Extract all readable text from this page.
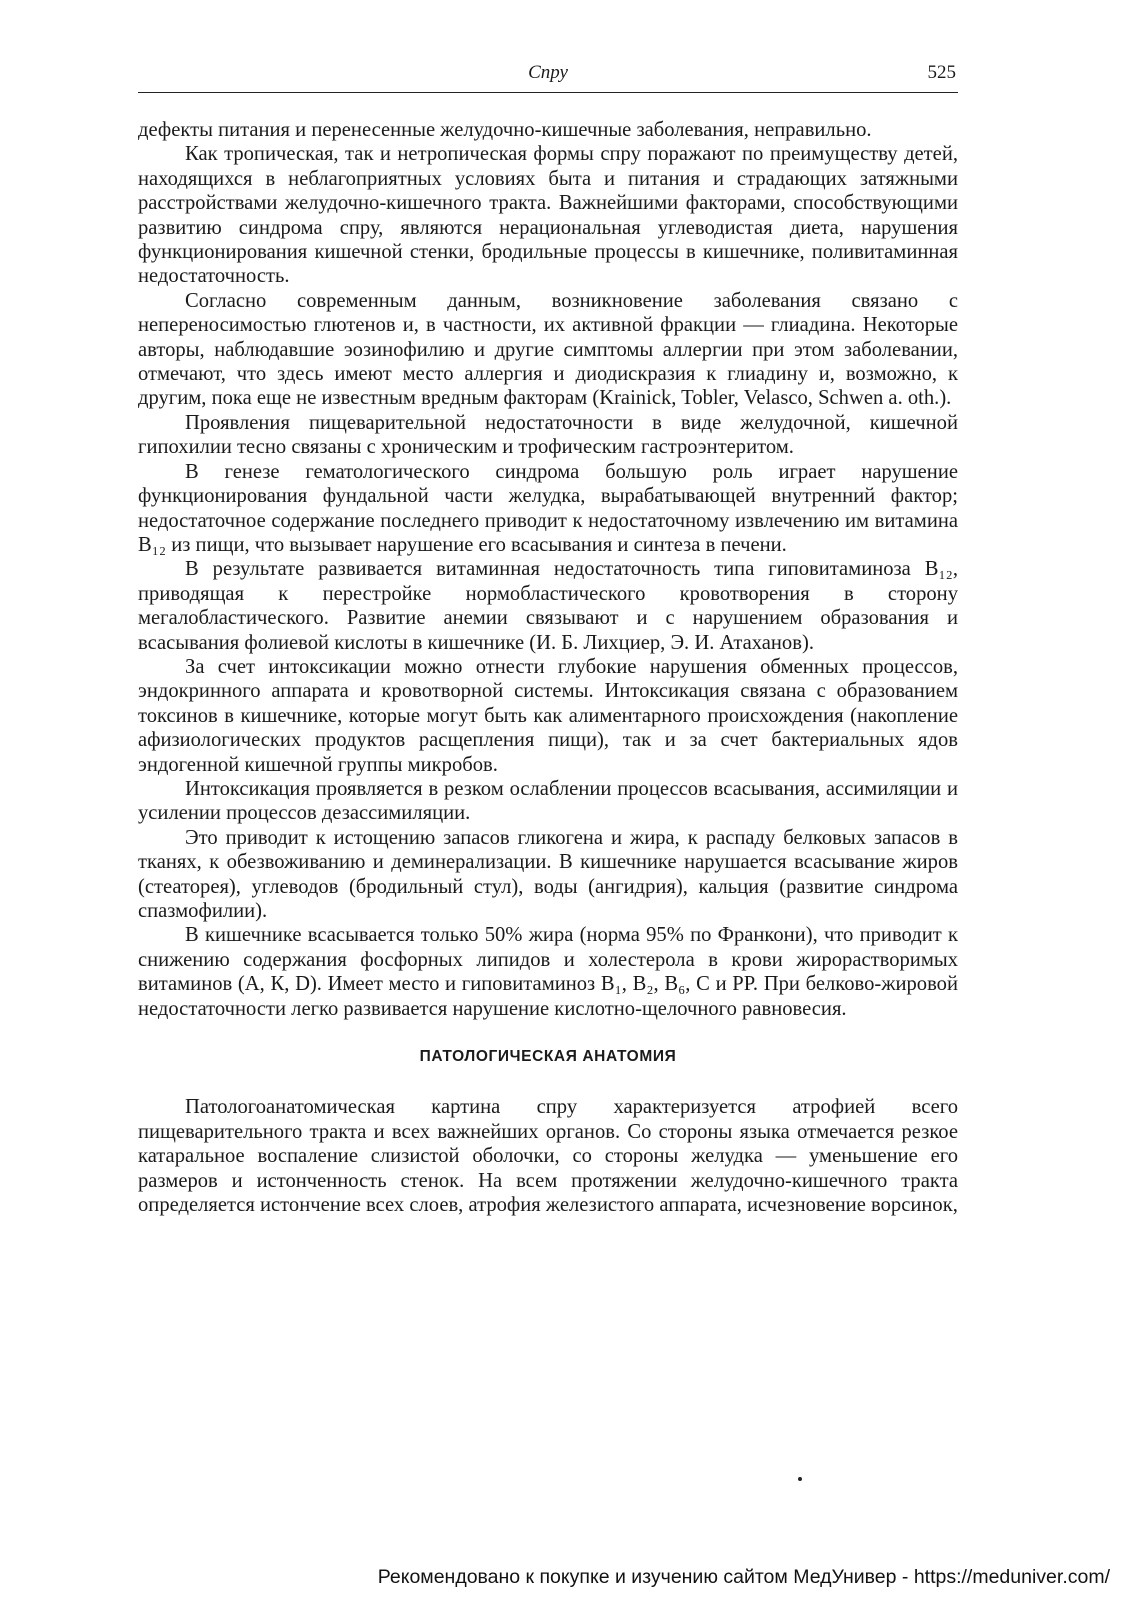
Спру	525

дефекты питания и перенесенные желудочно-кишечные заболевания, неправильно.

Как тропическая, так и нетропическая формы спру поражают по преимуществу детей, находящихся в неблагоприятных условиях быта и питания и страдающих затяжными расстройствами желудочно-кишечного тракта. Важнейшими факторами, способствующими развитию синдрома спру, являются нерациональная углеводистая диета, нарушения функционирования кишечной стенки, бродильные процессы в кишечнике, поливитаминная недостаточность.

Согласно современным данным, возникновение заболевания связано с непереносимостью глютенов и, в частности, их активной фракции — глиадина. Некоторые авторы, наблюдавшие эозинофилию и другие симптомы аллергии при этом заболевании, отмечают, что здесь имеют место аллергия и диодискразия к глиадину и, возможно, к другим, пока еще не известным вредным факторам (Krainick, Tobler, Velasco, Schwen a. oth.).

Проявления пищеварительной недостаточности в виде желудочной, кишечной гипохилии тесно связаны с хроническим и трофическим гастроэнтеритом.

В генезе гематологического синдрома большую роль играет нарушение функционирования фундальной части желудка, вырабатывающей внутренний фактор; недостаточное содержание последнего приводит к недостаточному извлечению им витамина B₁₂ из пищи, что вызывает нарушение его всасывания и синтеза в печени.

В результате развивается витаминная недостаточность типа гиповитаминоза B₁₂, приводящая к перестройке нормобластического кровотворения в сторону мегалобластического. Развитие анемии связывают и с нарушением образования и всасывания фолиевой кислоты в кишечнике (И. Б. Лихциер, Э. И. Атаханов).

За счет интоксикации можно отнести глубокие нарушения обменных процессов, эндокринного аппарата и кровотворной системы. Интоксикация связана с образованием токсинов в кишечнике, которые могут быть как алиментарного происхождения (накопление афизиологических продуктов расщепления пищи), так и за счет бактериальных ядов эндогенной кишечной группы микробов.

Интоксикация проявляется в резком ослаблении процессов всасывания, ассимиляции и усилении процессов дезассимиляции.

Это приводит к истощению запасов гликогена и жира, к распаду белковых запасов в тканях, к обезвоживанию и деминерализации. В кишечнике нарушается всасывание жиров (стеаторея), углеводов (бродильный стул), воды (ангидрия), кальция (развитие синдрома спазмофилии).

В кишечнике всасывается только 50% жира (норма 95% по Франкони), что приводит к снижению содержания фосфорных липидов и холестерола в крови жирорастворимых витаминов (А, К, D). Имеет место и гиповитаминоз B₁, B₂, B₆, С и PP. При белково-жировой недостаточности легко развивается нарушение кислотно-щелочного равновесия.

ПАТОЛОГИЧЕСКАЯ АНАТОМИЯ

Патологоанатомическая картина спру характеризуется атрофией всего пищеварительного тракта и всех важнейших органов. Со стороны языка отмечается резкое катаральное воспаление слизистой оболочки, со стороны желудка — уменьшение его размеров и истонченность стенок. На всем протяжении желудочно-кишечного тракта определяется истончение всех слоев, атрофия железистого аппарата, исчезновение ворсинок,

Рекомендовано к покупке и изучению сайтом МедУнивер - https://meduniver.com/
